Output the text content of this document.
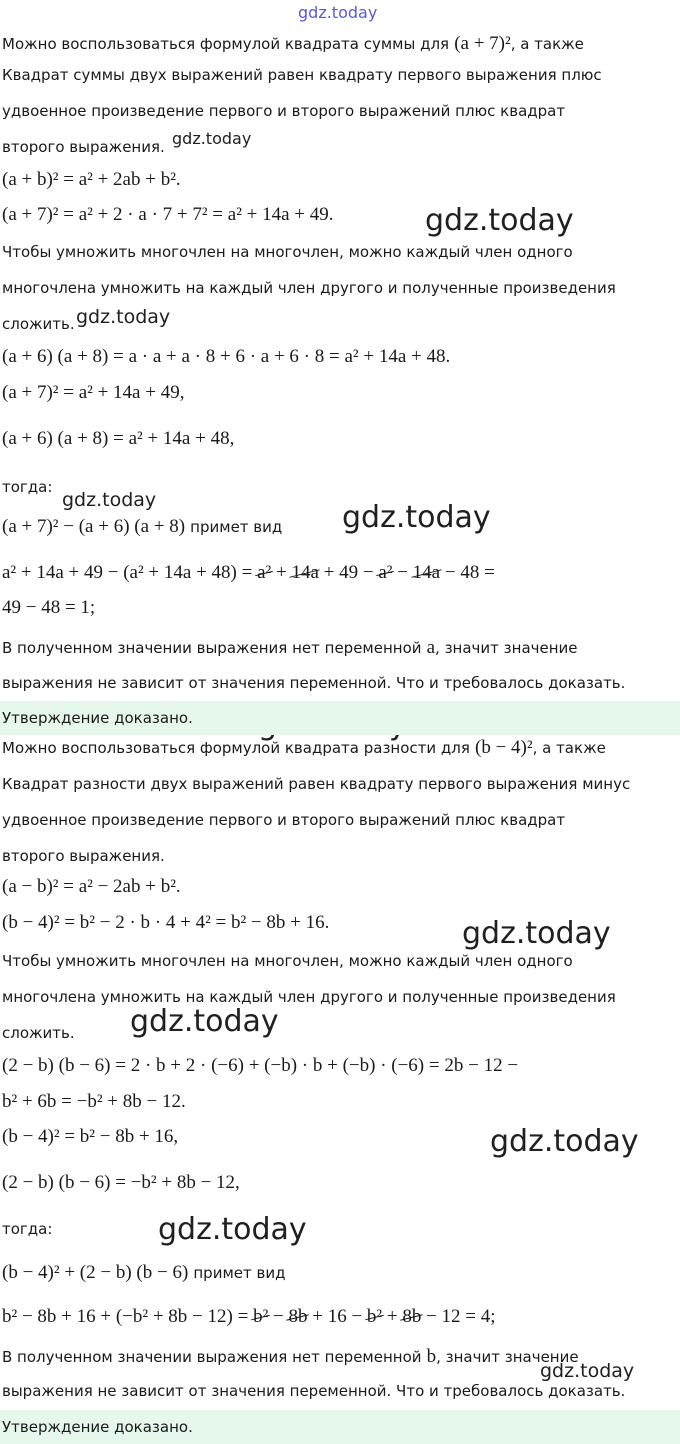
gdz.today
gdz.today
gdz.today
gdz.today
gdz.today	gdz.today
gdz.today
gdz.today
gdz.today
gdz.today
gdz.today
Можно воспользоваться формулой квадрата суммы для (a + 7)², а также
Квадрат суммы двух выражений равен квадрату первого выражения плюс
удвоенное произведение первого и второго выражений плюс квадрат
второго выражения.
(a + b)² = a² + 2ab + b².
(a + 7)² = a² + 2 · a · 7 + 7² = a² + 14a + 49.
Чтобы умножить многочлен на многочлен, можно каждый член одного
многочлена умножить на каждый член другого и полученные произведения
сложить.
(a + 6) (a + 8) = a · a + a · 8 + 6 · a + 6 · 8 = a² + 14a + 48.
(a + 7)² = a² + 14a + 49,
(a + 6) (a + 8) = a² + 14a + 48,
тогда:
(a + 7)² − (a + 6) (a + 8) примет вид
a² + 14a + 49 − (a² + 14a + 48) = a² + 14a + 49 − a² − 14a − 48 =
49 − 48 = 1;
В полученном значении выражения нет переменной a, значит значение
выражения не зависит от значения переменной. Что и требовалось доказать.
Утверждение доказано.
Можно воспользоваться формулой квадрата разности для (b − 4)², а также
Квадрат разности двух выражений равен квадрату первого выражения минус
удвоенное произведение первого и второго выражений плюс квадрат
второго выражения.
(a − b)² = a² − 2ab + b².
(b − 4)² = b² − 2 · b · 4 + 4² = b² − 8b + 16.
Чтобы умножить многочлен на многочлен, можно каждый член одного
многочлена умножить на каждый член другого и полученные произведения
сложить.
(2 − b) (b − 6) = 2 · b + 2 · (−6) + (−b) · b + (−b) · (−6) = 2b − 12 −
b² + 6b = −b² + 8b − 12.
(b − 4)² = b² − 8b + 16,
(2 − b) (b − 6) = −b² + 8b − 12,
тогда:
(b − 4)² + (2 − b) (b − 6) примет вид
b² − 8b + 16 + (−b² + 8b − 12) = b² − 8b + 16 − b² + 8b − 12 = 4;
В полученном значении выражения нет переменной b, значит значение
выражения не зависит от значения переменной. Что и требовалось доказать.
Утверждение доказано.
